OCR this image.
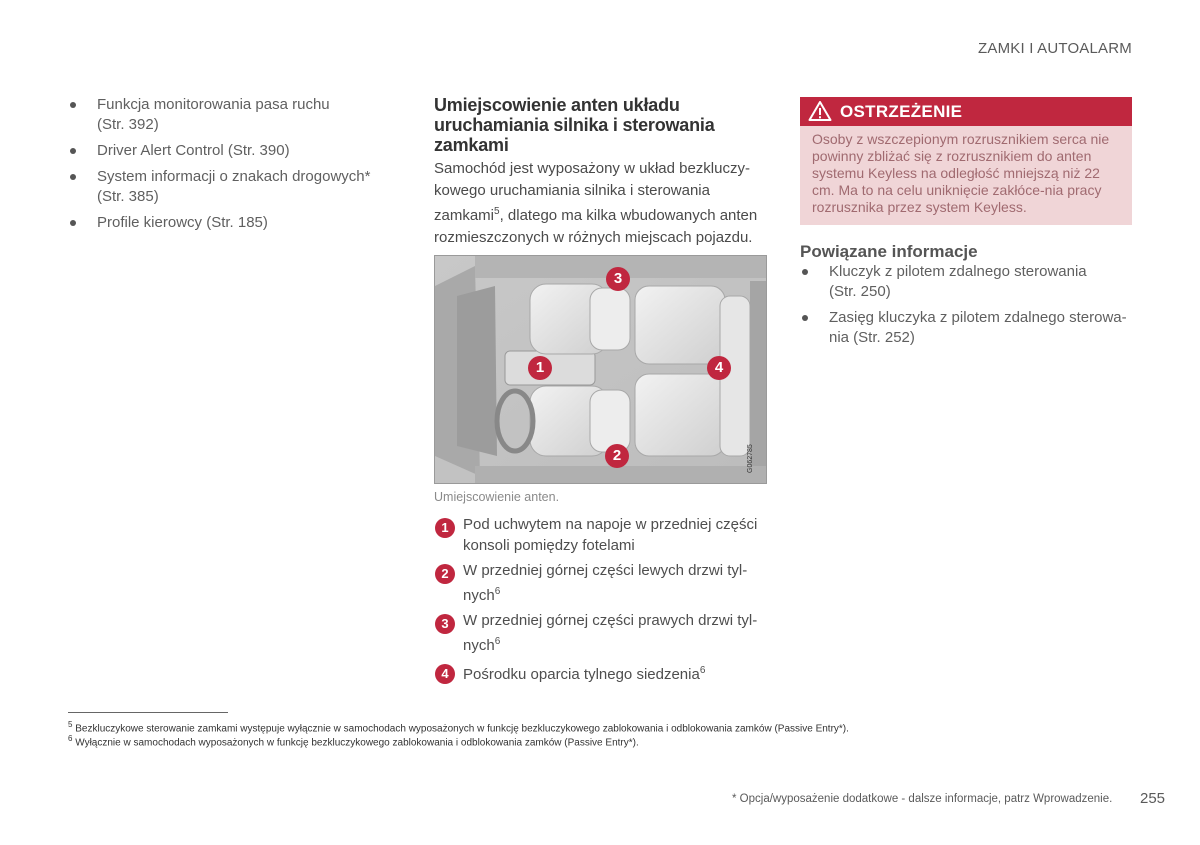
ZAMKI I AUTOALARM
Funkcja monitorowania pasa ruchu
(Str. 392)
Driver Alert Control (Str. 390)
System informacji o znakach drogowych*
(Str. 385)
Profile kierowcy (Str. 185)
Umiejscowienie anten układu uruchamiania silnika i sterowania zamkami
Samochód jest wyposażony w układ bezkluczy-kowego uruchamiania silnika i sterowania zamkami$^5$, dlatego ma kilka wbudowanych anten rozmieszczonych w różnych miejscach pojazdu.
1
2
3
4
G062785
Umiejscowienie anten.
1 Pod uchwytem na napoje w przedniej części konsoli pomiędzy fotelami
2 W przedniej górnej części lewych drzwi tyl-nych$^6$
3 W przedniej górnej części prawych drzwi tyl-nych$^6$
4 Pośrodku oparcia tylnego siedzenia$^6$
OSTRZEŻENIE
Osoby z wszczepionym rozrusznikiem serca nie powinny zbliżać się z rozrusznikiem do anten systemu Keyless na odległość mniejszą niż 22 cm. Ma to na celu uniknięcie zakłóce-nia pracy rozrusznika przez system Keyless.
Powiązane informacje
Kluczyk z pilotem zdalnego sterowania
(Str. 250)
Zasięg kluczyka z pilotem zdalnego sterowa-
nia (Str. 252)
$^5$ Bezkluczykowe sterowanie zamkami występuje wyłącznie w samochodach wyposażonych w funkcję bezkluczykowego zablokowania i odblokowania zamków (Passive Entry*).
$^6$ Wyłącznie w samochodach wyposażonych w funkcję bezkluczykowego zablokowania i odblokowania zamków (Passive Entry*).
* Opcja/wyposażenie dodatkowe - dalsze informacje, patrz Wprowadzenie. 255
